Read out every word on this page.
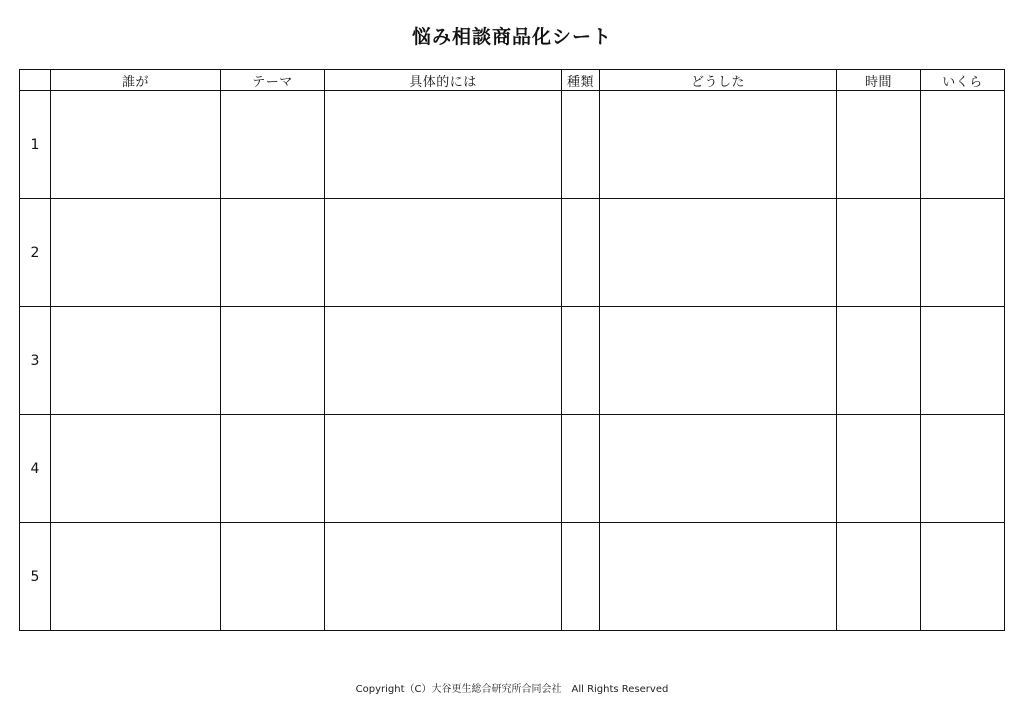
悩み相談商品化シート
	誰が	テーマ	具体的には	種類	どうした	時間	いくら
1							
2							
3							
4							
5							
Copyright（C）大谷更生総合研究所合同会社　All Rights Reserved
